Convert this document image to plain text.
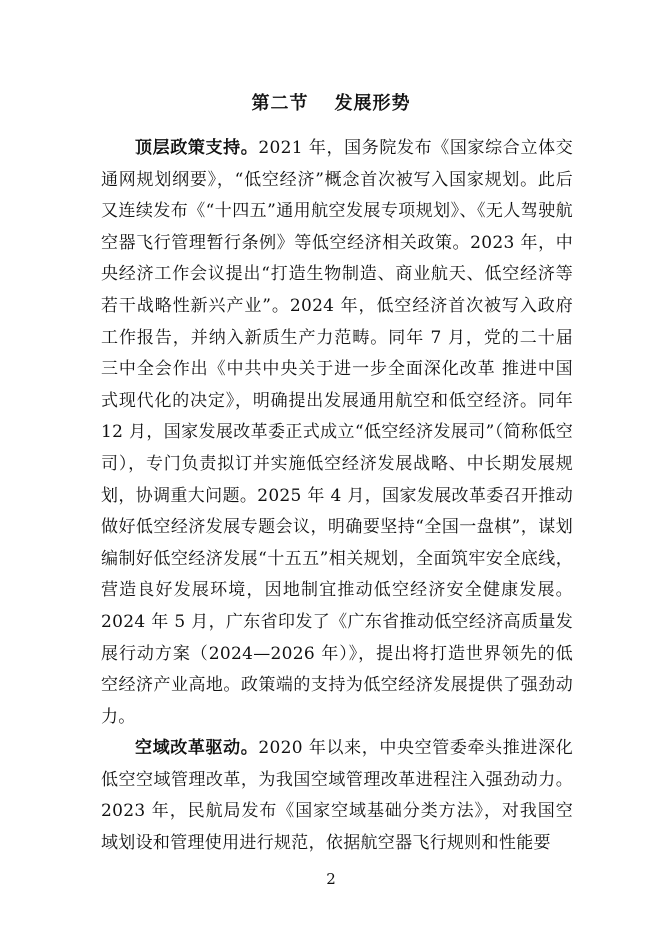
第二节 发展形势

顶层政策支持。2021 年，国务院发布《国家综合立体交通网规划纲要》，“低空经济”概念首次被写入国家规划。此后又连续发布《“十四五”通用航空发展专项规划》、《无人驾驶航空器飞行管理暂行条例》等低空经济相关政策。2023 年，中央经济工作会议提出“打造生物制造、商业航天、低空经济等若干战略性新兴产业”。2024 年，低空经济首次被写入政府工作报告，并纳入新质生产力范畴。同年 7 月，党的二十届三中全会作出《中共中央关于进一步全面深化改革 推进中国式现代化的决定》，明确提出发展通用航空和低空经济。同年 12 月，国家发展改革委正式成立“低空经济发展司”（简称低空司），专门负责拟订并实施低空经济发展战略、中长期发展规划，协调重大问题。2025 年 4 月，国家发展改革委召开推动做好低空经济发展专题会议，明确要坚持“全国一盘棋”，谋划编制好低空经济发展“十五五”相关规划，全面筑牢安全底线，营造良好发展环境，因地制宜推动低空经济安全健康发展。2024 年 5 月，广东省印发了《广东省推动低空经济高质量发展行动方案（2024—2026 年）》，提出将打造世界领先的低空经济产业高地。政策端的支持为低空经济发展提供了强劲动力。

空域改革驱动。2020 年以来，中央空管委牵头推进深化低空空域管理改革，为我国空域管理改革进程注入强劲动力。2023 年，民航局发布《国家空域基础分类方法》，对我国空域划设和管理使用进行规范，依据航空器飞行规则和性能要

2
